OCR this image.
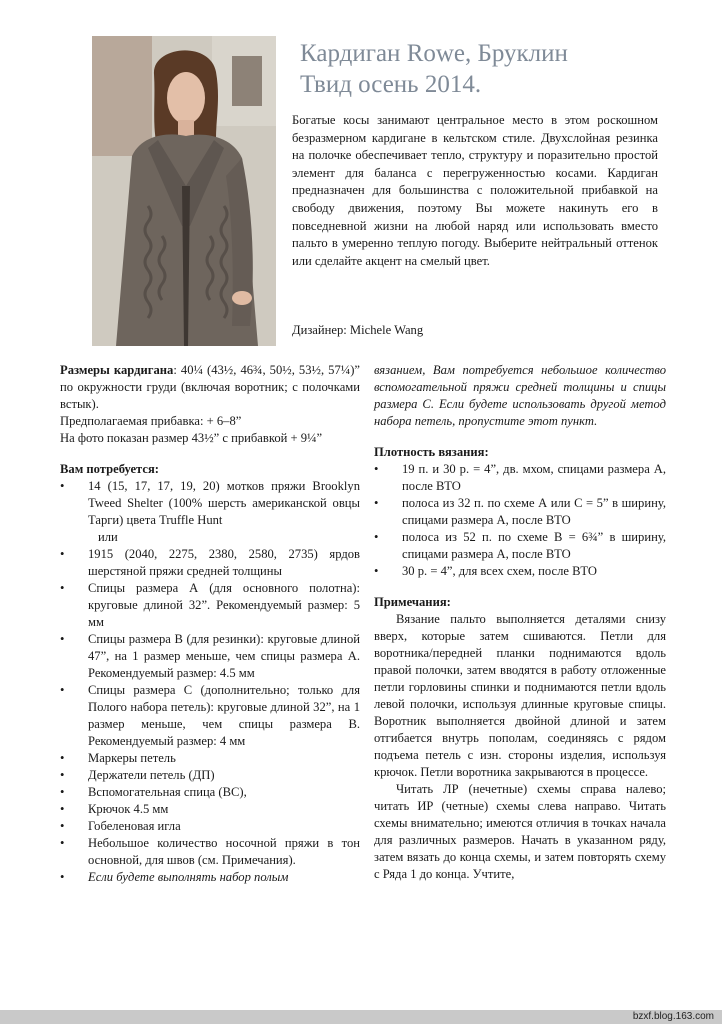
Кардиган Rowe, Бруклин
Твид осень 2014.
Богатые косы занимают центральное место в этом роскошном безразмерном кардигане в кельтском стиле. Двухслойная резинка на полочке обеспечивает тепло, структуру и поразительно простой элемент для баланса с перегруженностью косами. Кардиган предназначен для большинства с положительной прибавкой на свободу движения, поэтому Вы можете накинуть его в повседневной жизни на любой наряд или использовать вместо пальто в умеренно теплую погоду. Выберите нейтральный оттенок или сделайте акцент на смелый цвет.
Дизайнер: Michele Wang

Размеры кардигана: 40¼ (43½, 46¾, 50½, 53½, 57¼)” по окружности груди (включая воротник; с полочками встык).

Предполагаемая прибавка: + 6–8”

На фото показан размер 43½” с прибавкой + 9¼”

Вам потребуется:

•	14 (15, 17, 17, 19, 20) мотков пряжи Brooklyn Tweed Shelter (100% шерсть американской овцы Тарги) цвета Truffle Hunt

или

•	1915 (2040, 2275, 2380, 2580, 2735) ярдов шерстяной пряжи средней толщины
•	Спицы размера А (для основного полотна): круговые длиной 32”. Рекомендуемый размер: 5 мм
•	Спицы размера В (для резинки): круговые длиной 47”, на 1 размер меньше, чем спицы размера А. Рекомендуемый размер: 4.5 мм
•	Спицы размера С (дополнительно; только для Полого набора петель): круговые длиной 32”, на 1 размер меньше, чем спицы размера В. Рекомендуемый размер: 4 мм
•	Маркеры петель
•	Держатели петель (ДП)
•	Вспомогательная спица (ВС),
•	Крючок 4.5 мм
•	Гобеленовая игла
•	Небольшое количество носочной пряжи в тон основной, для швов (см. Примечания).
•	Если будете выполнять набор полым

вязанием, Вам потребуется небольшое количество вспомогательной пряжи средней толщины и спицы размера С. Если будете использовать другой метод набора петель, пропустите этот пункт.

Плотность вязания:

•	19 п. и 30 р. = 4”, дв. мхом, спицами размера А, после ВТО
•	полоса из 32 п. по схеме А или С = 5” в ширину, спицами размера А, после ВТО
•	полоса из 52 п. по схеме В = 6¾” в ширину, спицами размера А, после ВТО
•	30 р. = 4”, для всех схем, после ВТО

Примечания:

Вязание пальто выполняется деталями снизу вверх, которые затем сшиваются. Петли для воротника/передней планки поднимаются вдоль правой полочки, затем вводятся в работу отложенные петли горловины спинки и поднимаются петли вдоль левой полочки, используя длинные круговые спицы. Воротник выполняется двойной длиной и затем отгибается внутрь пополам, соединяясь с рядом подъема петель с изн. стороны изделия, используя крючок. Петли воротника закрываются в процессе.

Читать ЛР (нечетные) схемы справа налево; читать ИР (четные) схемы слева направо. Читать схемы внимательно; имеются отличия в точках начала для различных размеров. Начать в указанном ряду, затем вязать до конца схемы, и затем повторять схему с Ряда 1 до конца. Учтите,

bzxf.blog.163.com
